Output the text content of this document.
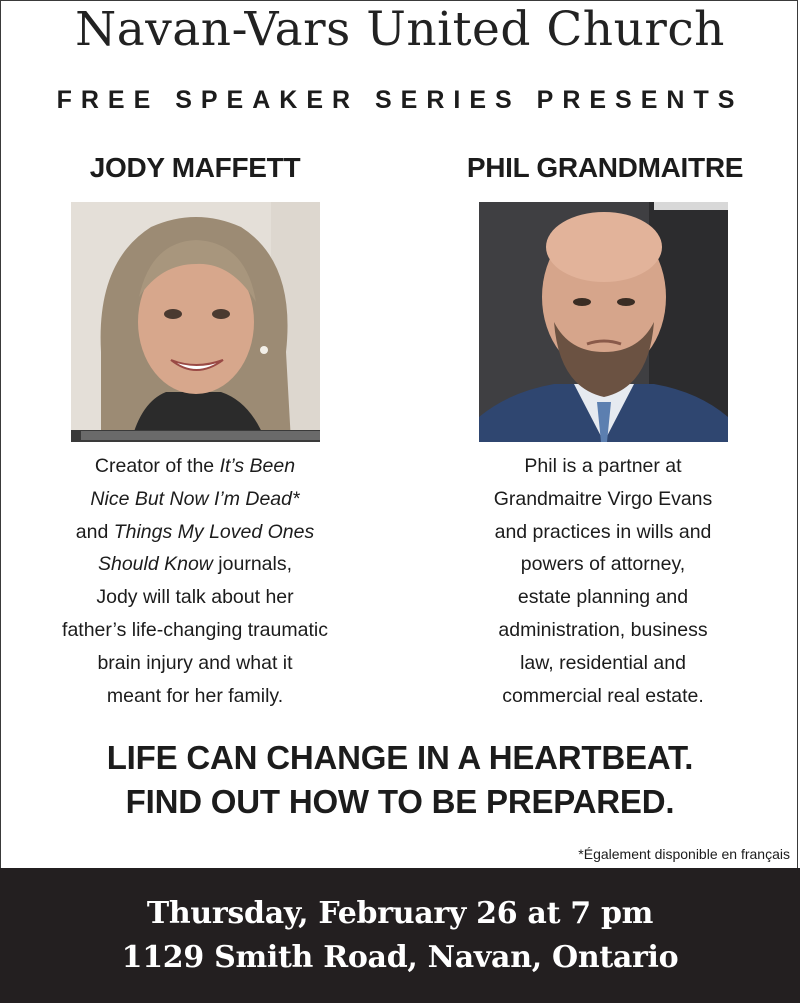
Navan-Vars United Church
FREE SPEAKER SERIES PRESENTS
JODY MAFFETT	PHIL GRANDMAITRE
Creator of the It’s Been
Nice But Now I’m Dead*
and Things My Loved Ones
Should Know journals,
Jody will talk about her
father’s life-changing traumatic
brain injury and what it
meant for her family.
Phil is a partner at
Grandmaitre Virgo Evans
and practices in wills and
powers of attorney,
estate planning and
administration, business
law, residential and
commercial real estate.
LIFE CAN CHANGE IN A HEARTBEAT.
FIND OUT HOW TO BE PREPARED.
*Également disponible en français
Thursday, February 26 at 7 pm
1129 Smith Road, Navan, Ontario
